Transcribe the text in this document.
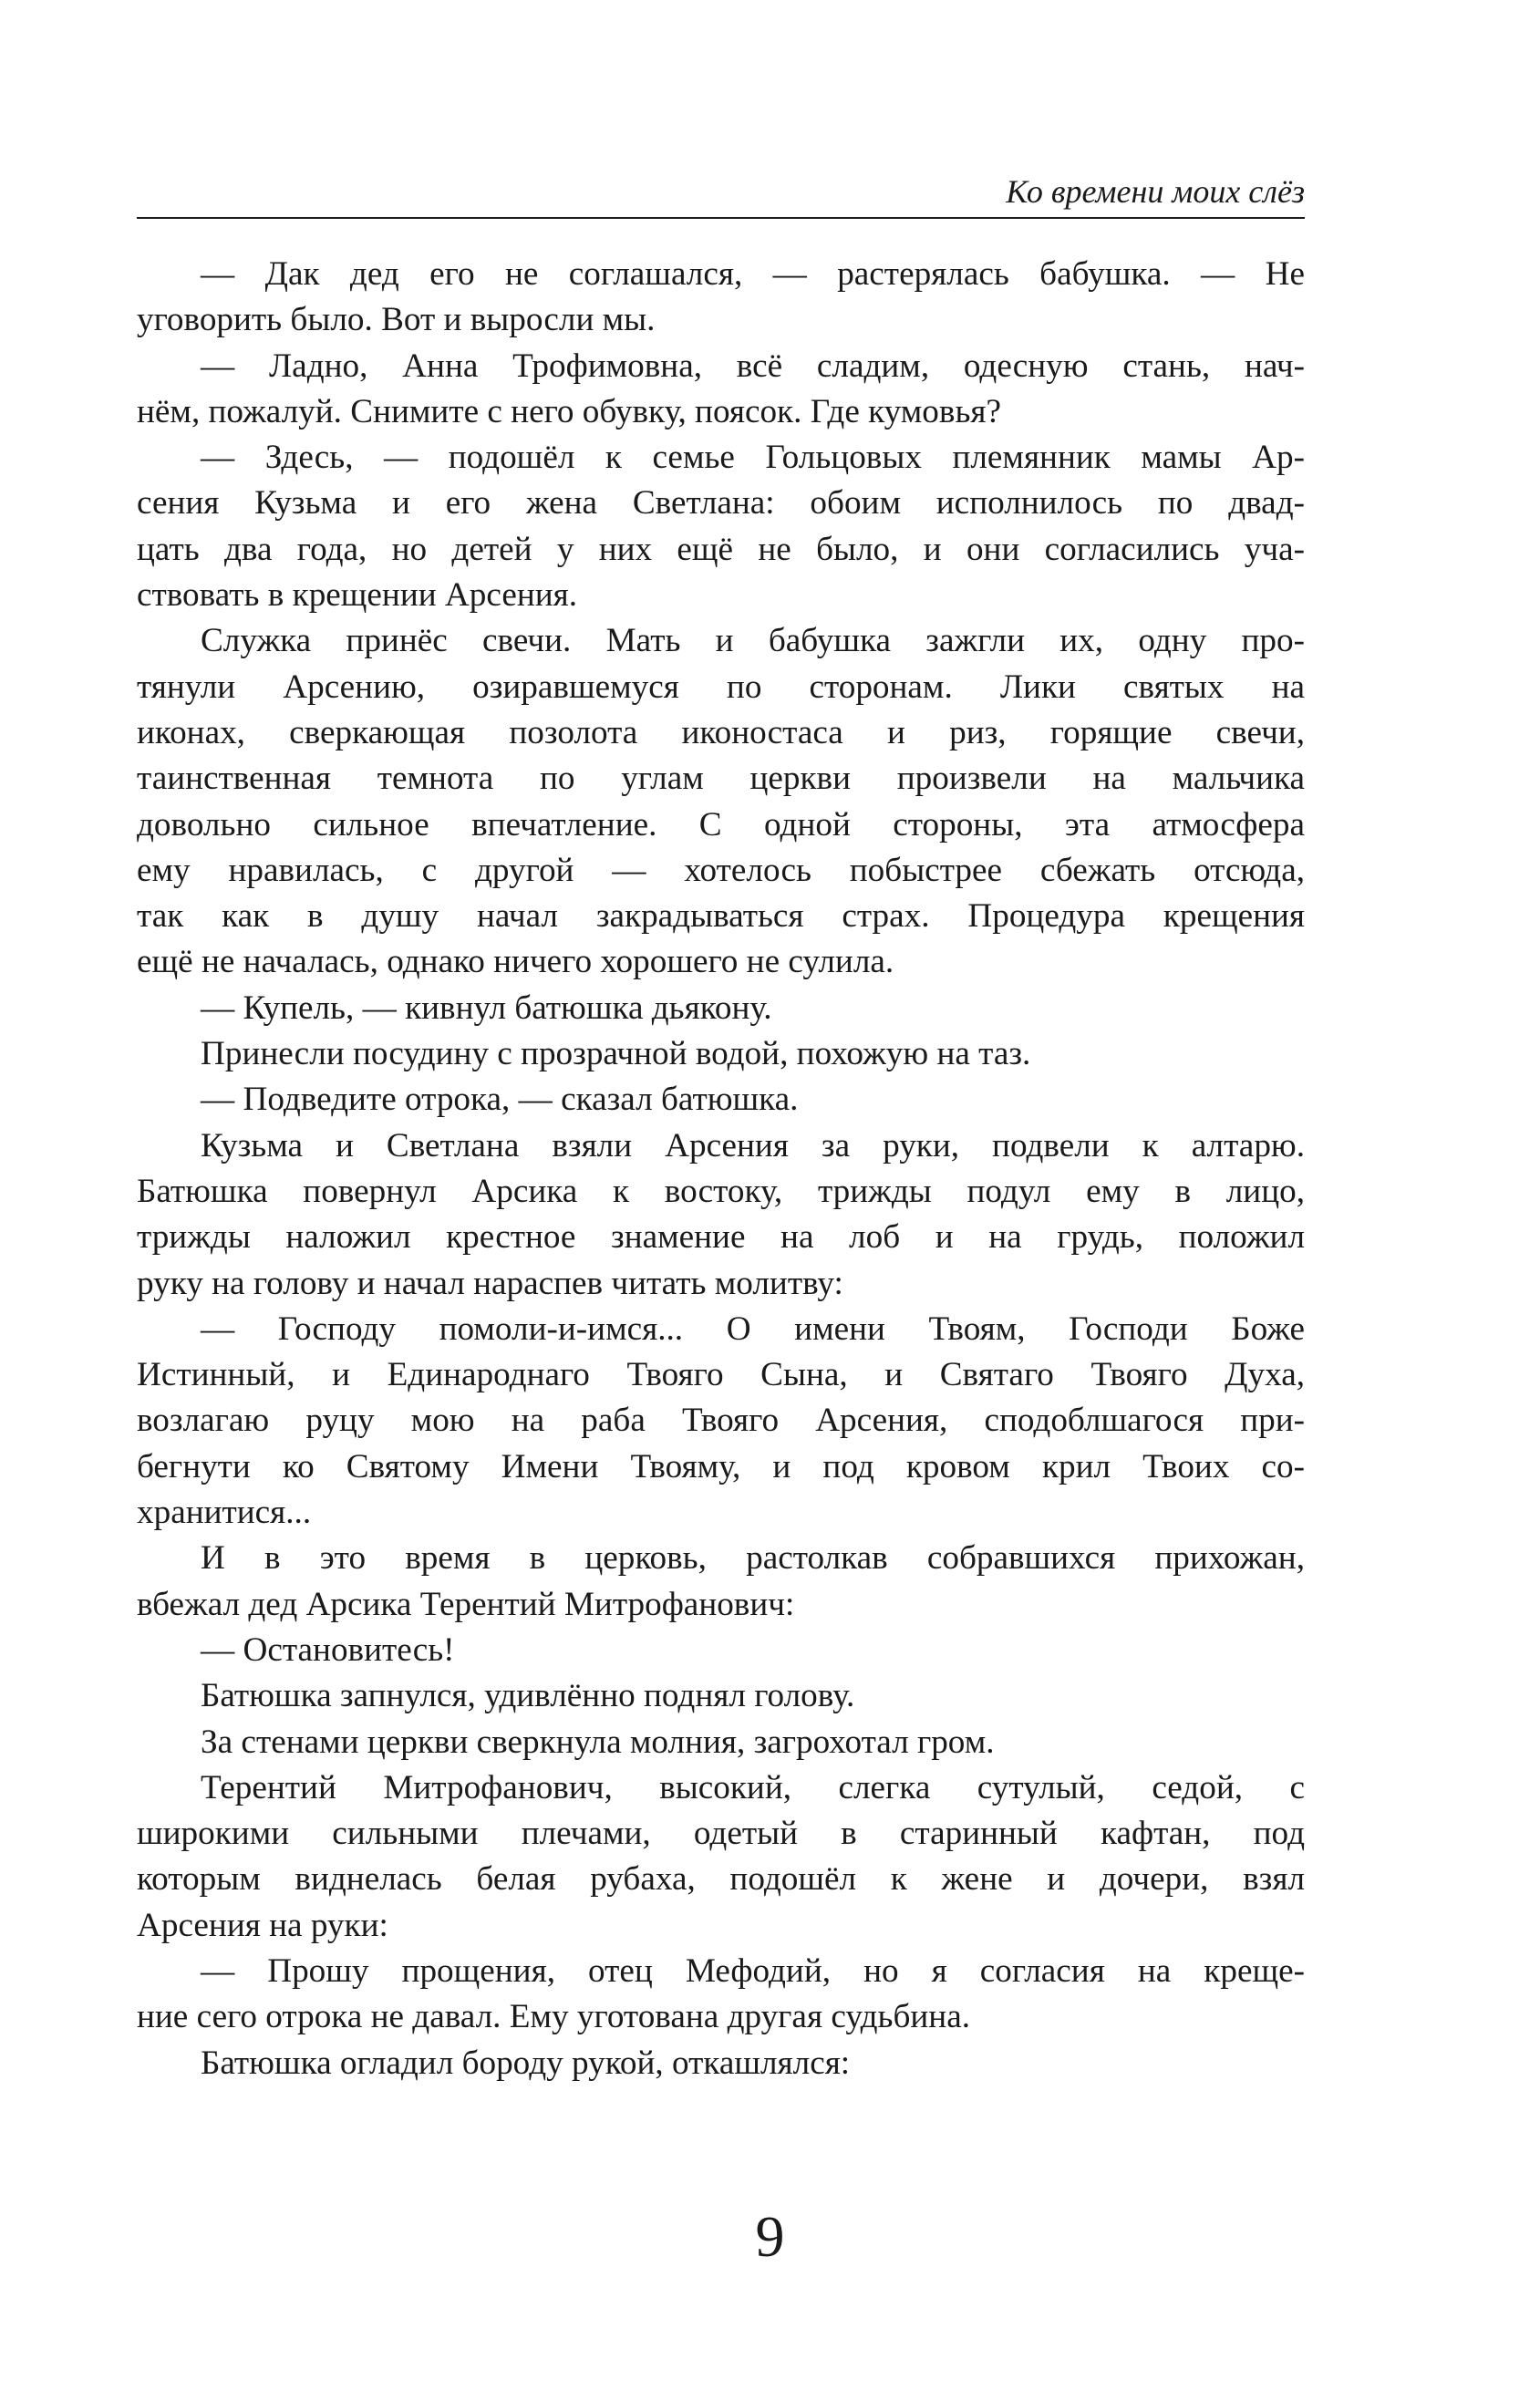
Ко времени моих слёз
— Дак дед его не соглашался, — растерялась бабушка. — Не
уговорить было. Вот и выросли мы.
— Ладно, Анна Трофимовна, всё сладим, одесную стань, нач-
нём, пожалуй. Снимите с него обувку, поясок. Где кумовья?
— Здесь, — подошёл к семье Гольцовых племянник мамы Ар-
сения Кузьма и его жена Светлана: обоим исполнилось по двад-
цать два года, но детей у них ещё не было, и они согласились уча-
ствовать в крещении Арсения.
Служка принёс свечи. Мать и бабушка зажгли их, одну про-
тянули Арсению, озиравшемуся по сторонам. Лики святых на
иконах, сверкающая позолота иконостаса и риз, горящие свечи,
таинственная темнота по углам церкви произвели на мальчика
довольно сильное впечатление. С одной стороны, эта атмосфера
ему нравилась, с другой — хотелось побыстрее сбежать отсюда,
так как в душу начал закрадываться страх. Процедура крещения
ещё не началась, однако ничего хорошего не сулила.
— Купель, — кивнул батюшка дьякону.
Принесли посудину с прозрачной водой, похожую на таз.
— Подведите отрока, — сказал батюшка.
Кузьма и Светлана взяли Арсения за руки, подвели к алтарю.
Батюшка повернул Арсика к востоку, трижды подул ему в лицо,
трижды наложил крестное знамение на лоб и на грудь, положил
руку на голову и начал нараспев читать молитву:
— Господу помоли-и-имся... О имени Твоям, Господи Боже
Истинный, и Единароднаго Твояго Сына, и Святаго Твояго Духа,
возлагаю руцу мою на раба Твояго Арсения, сподоблшагося при-
бегнути ко Святому Имени Твояму, и под кровом крил Твоих со-
хранитися...
И в это время в церковь, растолкав собравшихся прихожан,
вбежал дед Арсика Терентий Митрофанович:
— Остановитесь!
Батюшка запнулся, удивлённо поднял голову.
За стенами церкви сверкнула молния, загрохотал гром.
Терентий Митрофанович, высокий, слегка сутулый, седой, с
широкими сильными плечами, одетый в старинный кафтан, под
которым виднелась белая рубаха, подошёл к жене и дочери, взял
Арсения на руки:
— Прошу прощения, отец Мефодий, но я согласия на креще-
ние сего отрока не давал. Ему уготована другая судьбина.
Батюшка огладил бороду рукой, откашлялся:
9
